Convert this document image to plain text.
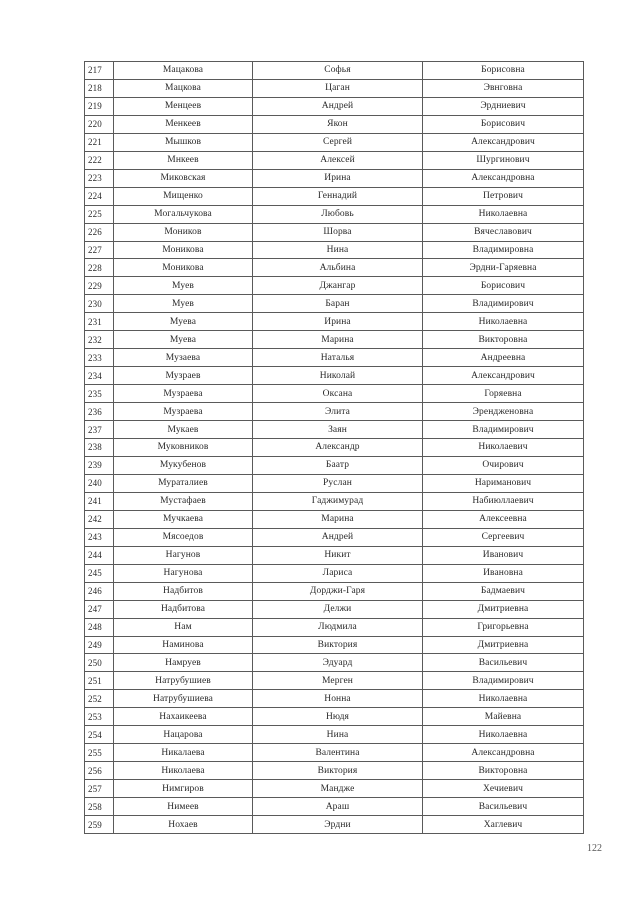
217	Мацакова	Софья	Борисовна
218	Мацкова	Цаган	Эвнговна
219	Менцеев	Андрей	Эрдниевич
220	Менкеев	Якон	Борисович
221	Мышков	Сергей	Александрович
222	Мнкеев	Алексей	Шургинович
223	Миковская	Ирина	Александровна
224	Мищенко	Геннадий	Петрович
225	Могальчукова	Любовь	Николаевна
226	Моников	Шорва	Вячеславович
227	Моникова	Нина	Владимировна
228	Моникова	Альбина	Эрдни-Гаряевна
229	Муев	Джангар	Борисович
230	Муев	Баран	Владимирович
231	Муева	Ирина	Николаевна
232	Муева	Марина	Викторовна
233	Музаева	Наталья	Андреевна
234	Музраев	Николай	Александрович
235	Музраева	Оксана	Горяевна
236	Музраева	Элита	Эрендженовна
237	Мукаев	Заян	Владимирович
238	Муковников	Александр	Николаевич
239	Мукубенов	Баатр	Очирович
240	Мураталиев	Руслан	Нариманович
241	Мустафаев	Гаджимурад	Набиюллаевич
242	Мучкаева	Марина	Алексеевна
243	Мясоедов	Андрей	Сергеевич
244	Нагунов	Никит	Иванович
245	Нагунова	Лариса	Ивановна
246	Надбитов	Дорджи-Гаря	Бадмаевич
247	Надбитова	Делжи	Дмитриевна
248	Нам	Людмила	Григорьевна
249	Наминова	Виктория	Дмитриевна
250	Намруев	Эдуард	Васильевич
251	Натрубушиев	Мерген	Владимирович
252	Натрубушиева	Нонна	Николаевна
253	Нахаикеева	Нюдя	Майевна
254	Нацарова	Нина	Николаевна
255	Никалаева	Валентина	Александровна
256	Николаева	Виктория	Викторовна
257	Нимгиров	Мандже	Хечиевич
258	Нимеев	Араш	Васильевич
259	Нохаев	Эрдни	Хаглевич
122
